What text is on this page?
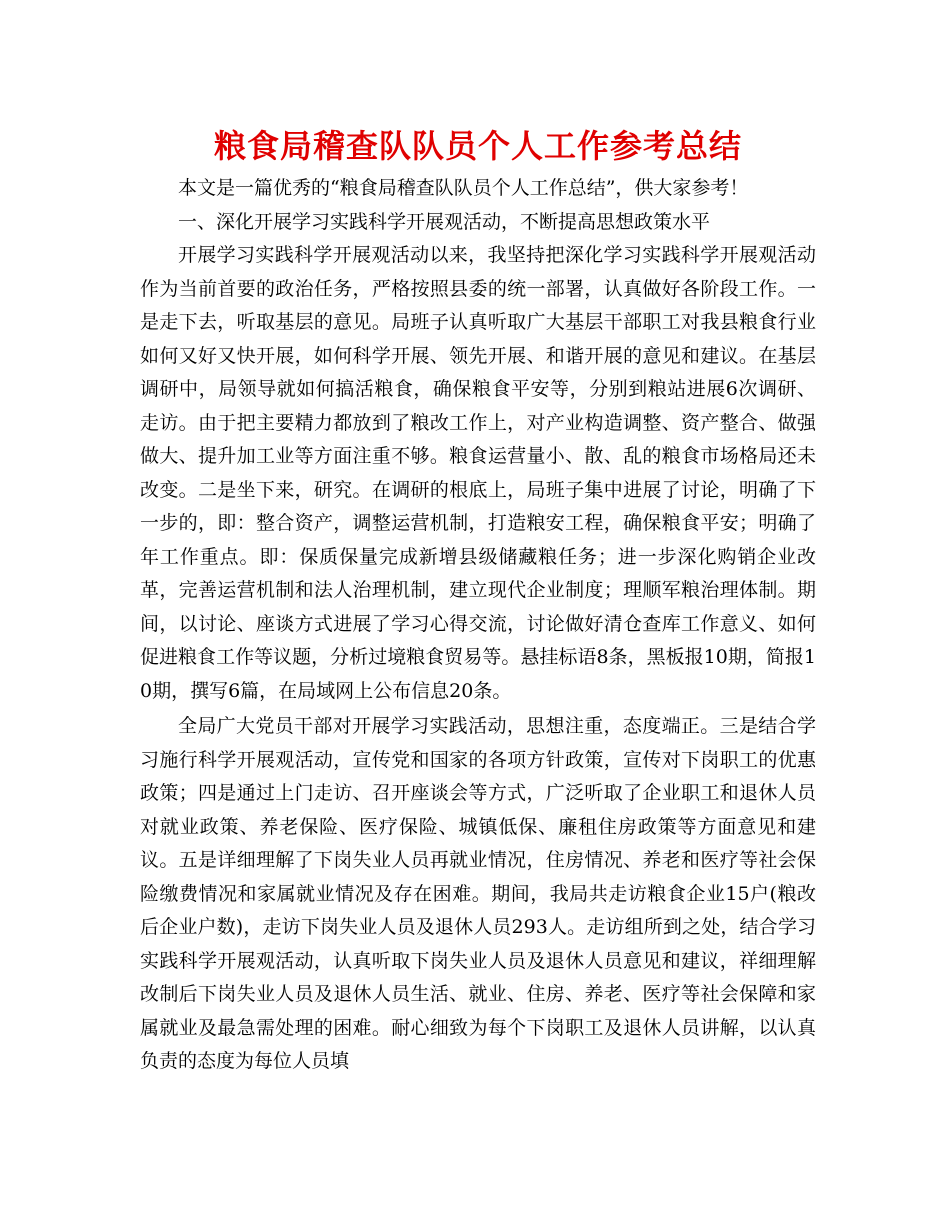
粮食局稽查队队员个人工作参考总结

本文是一篇优秀的“粮食局稽查队队员个人工作总结”，供大家参考！

一、深化开展学习实践科学开展观活动，不断提高思想政策水平

开展学习实践科学开展观活动以来，我坚持把深化学习实践科学开展观活动作为当前首要的政治任务，严格按照县委的统一部署，认真做好各阶段工作。一是走下去，听取基层的意见。局班子认真听取广大基层干部职工对我县粮食行业如何又好又快开展，如何科学开展、领先开展、和谐开展的意见和建议。在基层调研中，局领导就如何搞活粮食，确保粮食平安等，分别到粮站进展6次调研、走访。由于把主要精力都放到了粮改工作上，对产业构造调整、资产整合、做强做大、提升加工业等方面注重不够。粮食运营量小、散、乱的粮食市场格局还未改变。二是坐下来，研究。在调研的根底上，局班子集中进展了讨论，明确了下一步的，即：整合资产，调整运营机制，打造粮安工程，确保粮食平安；明确了年工作重点。即：保质保量完成新增县级储藏粮任务；进一步深化购销企业改革，完善运营机制和法人治理机制，建立现代企业制度；理顺军粮治理体制。期间，以讨论、座谈方式进展了学习心得交流，讨论做好清仓查库工作意义、如何促进粮食工作等议题，分析过境粮食贸易等。悬挂标语8条，黑板报10期，简报10期，撰写6篇，在局域网上公布信息20条。

全局广大党员干部对开展学习实践活动，思想注重，态度端正。三是结合学习施行科学开展观活动，宣传党和国家的各项方针政策，宣传对下岗职工的优惠政策；四是通过上门走访、召开座谈会等方式，广泛听取了企业职工和退休人员对就业政策、养老保险、医疗保险、城镇低保、廉租住房政策等方面意见和建议。五是详细理解了下岗失业人员再就业情况，住房情况、养老和医疗等社会保险缴费情况和家属就业情况及存在困难。期间，我局共走访粮食企业15户(粮改后企业户数)，走访下岗失业人员及退休人员293人。走访组所到之处，结合学习实践科学开展观活动，认真听取下岗失业人员及退休人员意见和建议，祥细理解改制后下岗失业人员及退休人员生活、就业、住房、养老、医疗等社会保障和家属就业及最急需处理的困难。耐心细致为每个下岗职工及退休人员讲解，以认真负责的态度为每位人员填
